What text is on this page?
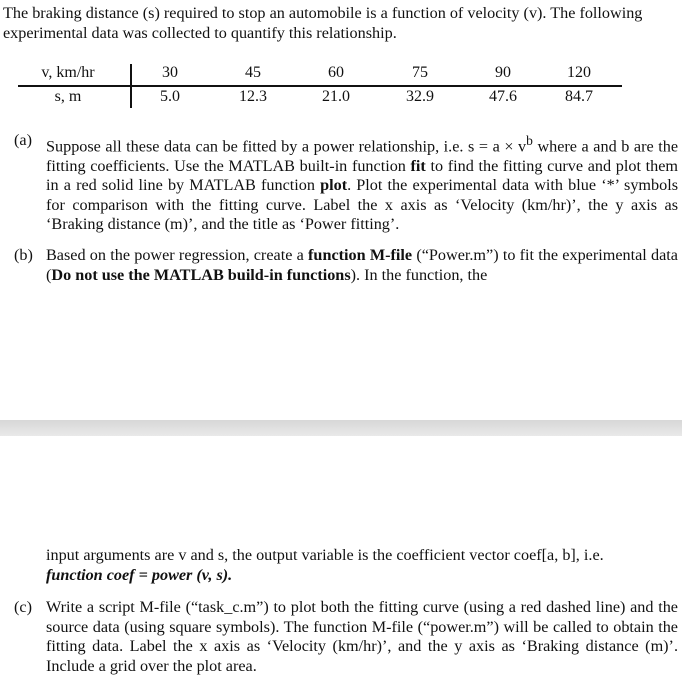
The braking distance (s) required to stop an automobile is a function of velocity (v). The following experimental data was collected to quantify this relationship.
v, km/hr	30	45	60	75	90	120
s, m	5.0	12.3	21.0	32.9	47.6	84.7
(a) Suppose all these data can be fitted by a power relationship, i.e. $s = a \times v^b$ where a and b are the fitting coefficients. Use the MATLAB built-in function fit to find the fitting curve and plot them in a red solid line by MATLAB function plot. Plot the experimental data with blue ‘*’ symbols for comparison with the fitting curve. Label the x axis as ‘Velocity (km/hr)’, the y axis as ‘Braking distance (m)’, and the title as ‘Power fitting’.
(b) Based on the power regression, create a function M-file (“Power.m”) to fit the experimental data (Do not use the MATLAB build-in functions). In the function, the
input arguments are v and s, the output variable is the coefficient vector coef[a, b], i.e.
function coef = power (v, s).
(c) Write a script M-file (“task_c.m”) to plot both the fitting curve (using a red dashed line) and the source data (using square symbols). The function M-file (“power.m”) will be called to obtain the fitting data. Label the x axis as ‘Velocity (km/hr)’, and the y axis as ‘Braking distance (m)’. Include a grid over the plot area.
